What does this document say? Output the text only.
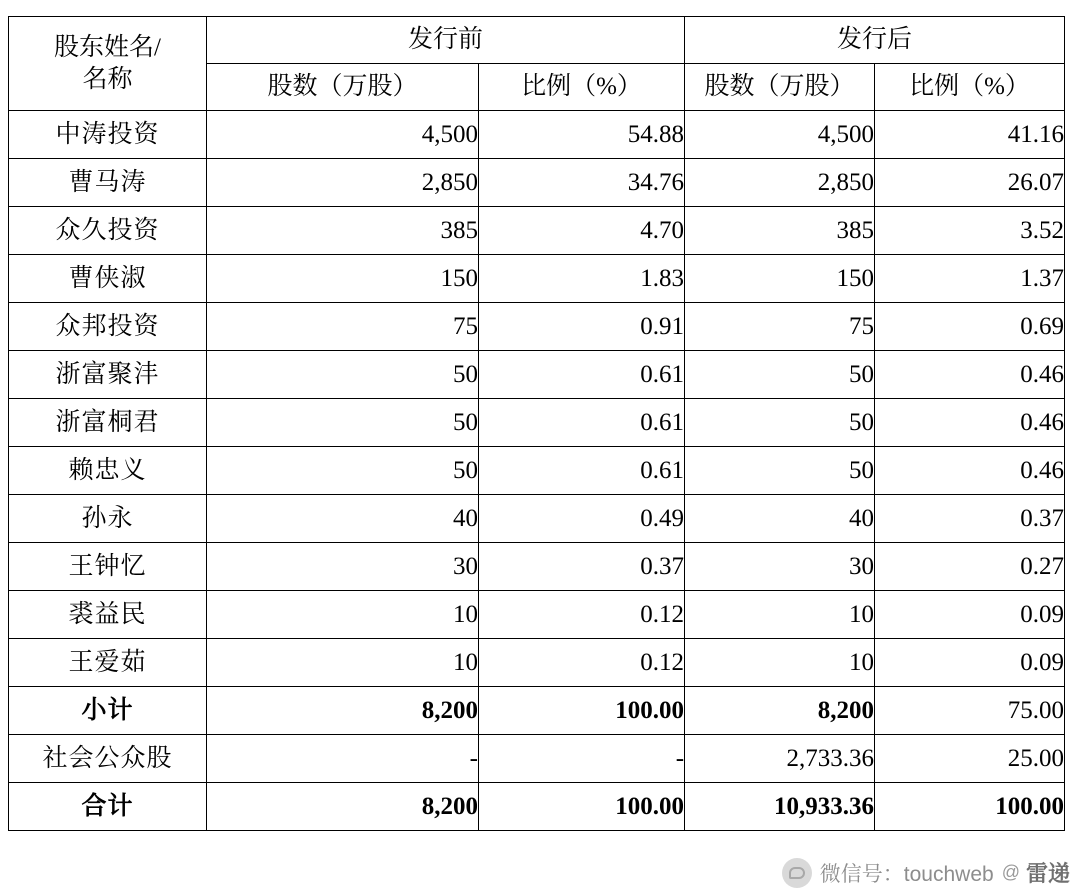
股东姓名/
名称	发行前		发行后	
	股数（万股）	比例（%）	股数（万股）	比例（%）
中涛投资	4,500	54.88	4,500	41.16
曹马涛	2,850	34.76	2,850	26.07
众久投资	385	4.70	385	3.52
曹侠淑	150	1.83	150	1.37
众邦投资	75	0.91	75	0.69
浙富聚沣	50	0.61	50	0.46
浙富桐君	50	0.61	50	0.46
赖忠义	50	0.61	50	0.46
孙永	40	0.49	40	0.37
王钟忆	30	0.37	30	0.27
裘益民	10	0.12	10	0.09
王爱茹	10	0.12	10	0.09
小计	8,200	100.00	8,200	75.00
社会公众股	-	-	2,733.36	25.00
合计	8,200	100.00	10,933.36	100.00
微信号：touchweb @ 雷递
